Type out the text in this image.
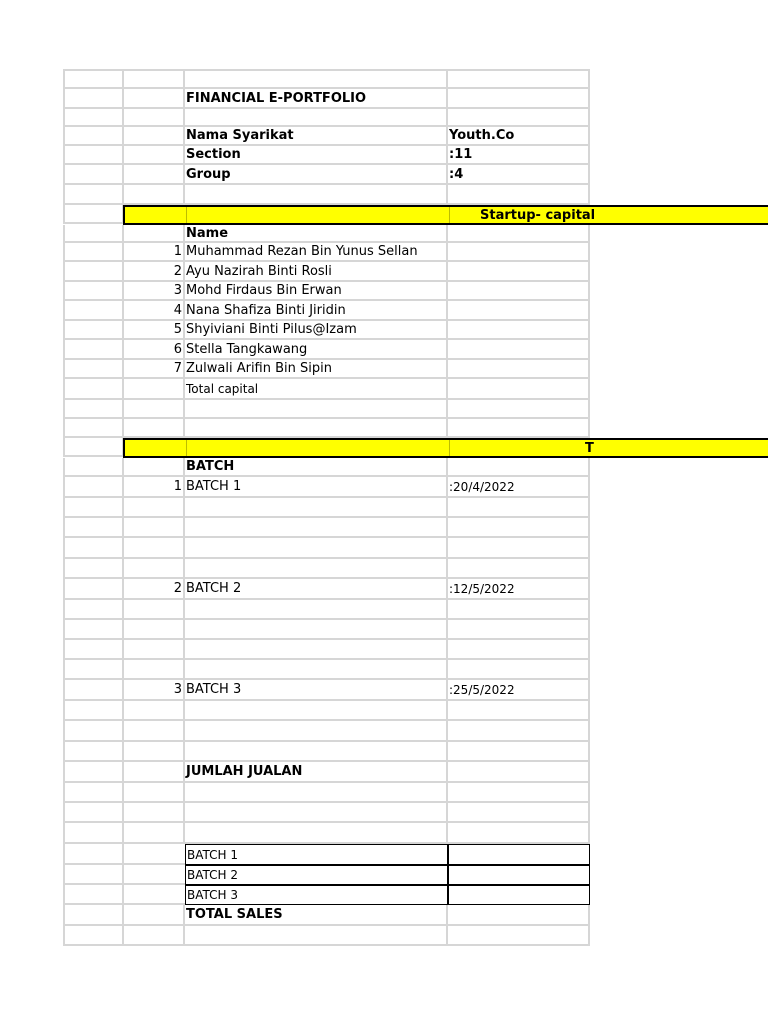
FINANCIAL E-PORTFOLIO
Nama Syarikat	Youth.Co
Section	:11
Group	:4
Startup- capital
Name
1 Muhammad Rezan Bin Yunus Sellan
2 Ayu Nazirah Binti Rosli
3 Mohd Firdaus Bin Erwan
4 Nana Shafiza Binti Jiridin
5 Shyiviani Binti Pilus@Izam
6 Stella Tangkawang
7 Zulwali Arifin Bin Sipin
Total capital
T
BATCH
1 BATCH 1	:20/4/2022
2 BATCH 2	:12/5/2022
3 BATCH 3	:25/5/2022
JUMLAH JUALAN
BATCH 1
BATCH 2
BATCH 3
TOTAL SALES
